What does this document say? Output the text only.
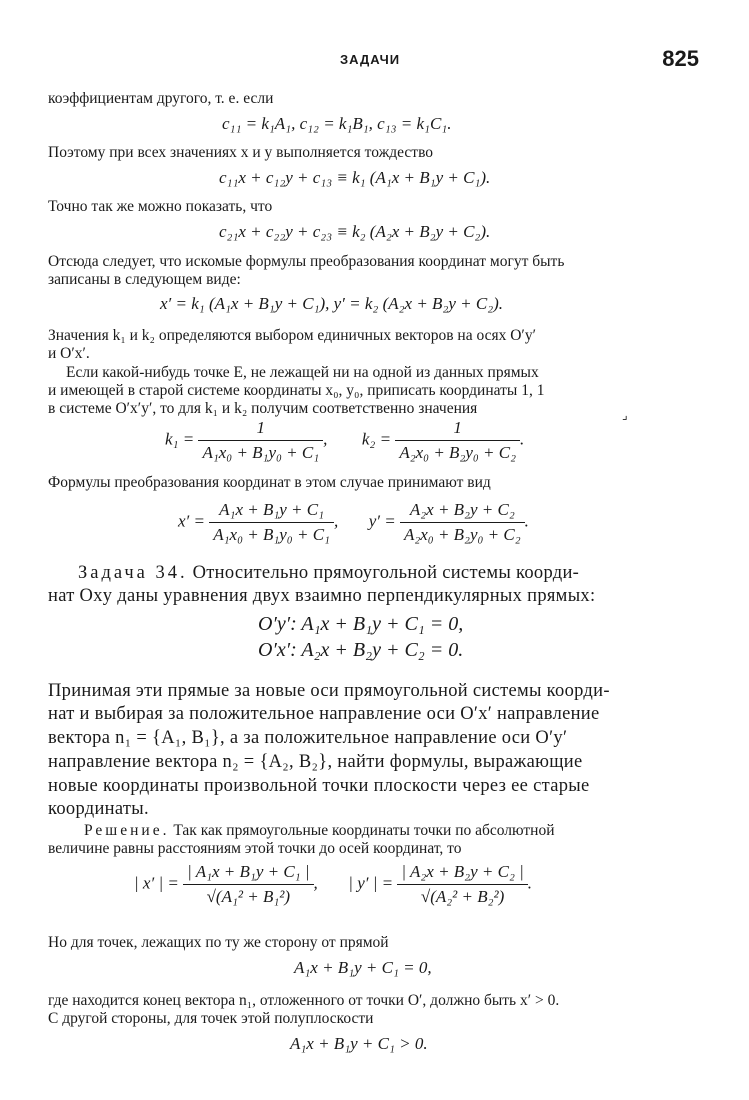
ЗАДАЧИ	825
коэффициентам другого, т. е. если
c₁₁ = k₁A₁, c₁₂ = k₁B₁, c₁₃ = k₁C₁.
Поэтому при всех значениях x и y выполняется тождество
c₁₁x + c₁₂y + c₁₃ ≡ k₁ (A₁x + B₁y + C₁).
Точно так же можно показать, что
c₂₁x + c₂₂y + c₂₃ ≡ k₂ (A₂x + B₂y + C₂).
Отсюда следует, что искомые формулы преобразования координат могут быть
записаны в следующем виде:
x′ = k₁ (A₁x + B₁y + C₁), y′ = k₂ (A₂x + B₂y + C₂).
Значения k₁ и k₂ определяются выбором единичных векторов на осях O′y′
и O′x′.
Если какой-нибудь точке E, не лежащей ни на одной из данных прямых
и имеющей в старой системе координаты x₀, y₀, приписать координаты 1, 1
в системе O′x′y′, то для k₁ и k₂ получим соответственно значения	⌟
$k_1 = \frac{1}{\text{A₁x₀ + B₁y₀ + C₁}}$ , $k_2 = \frac{1}{\text{A₂x₀ + B₂y₀ + C₂}}$ .
Формулы преобразования координат в этом случае принимают вид
$x' = \frac{\text{A₁x + B₁y + C₁}}{\text{A₁x₀ + B₁y₀ + C₁}}$ , $y' = \frac{\text{A₂x + B₂y + C₂}}{\text{A₂x₀ + B₂y₀ + C₂}}$ .
Задача 34. Относительно прямоугольной системы коорди-
нат Oxy даны уравнения двух взаимно перпендикулярных прямых:
O′y′: A₁x + B₁y + C₁ = 0,
O′x′: A₂x + B₂y + C₂ = 0.
Принимая эти прямые за новые оси прямоугольной системы коорди-
нат и выбирая за положительное направление оси O′x′ направление
вектора n₁ = {A₁, B₁}, а за положительное направление оси O′y′
направление вектора n₂ = {A₂, B₂}, найти формулы, выражающие
новые координаты произвольной точки плоскости через ее старые
координаты.
Решение. Так как прямоугольные координаты точки по абсолютной
величине равны расстояниям этой точки до осей координат, то
| x′ | = $\frac{\text{| A₁x + B₁y + C₁ |}}{\text{√(A₁² + B₁²)}}$ , | y′ | = $\frac{\text{| A₂x + B₂y + C₂ |}}{\text{√(A₂² + B₂²)}}$ .
Но для точек, лежащих по ту же сторону от прямой
A₁x + B₁y + C₁ = 0,
где находится конец вектора n₁, отложенного от точки O′, должно быть x′ > 0.
С другой стороны, для точек этой полуплоскости
A₁x + B₁y + C₁ > 0.
